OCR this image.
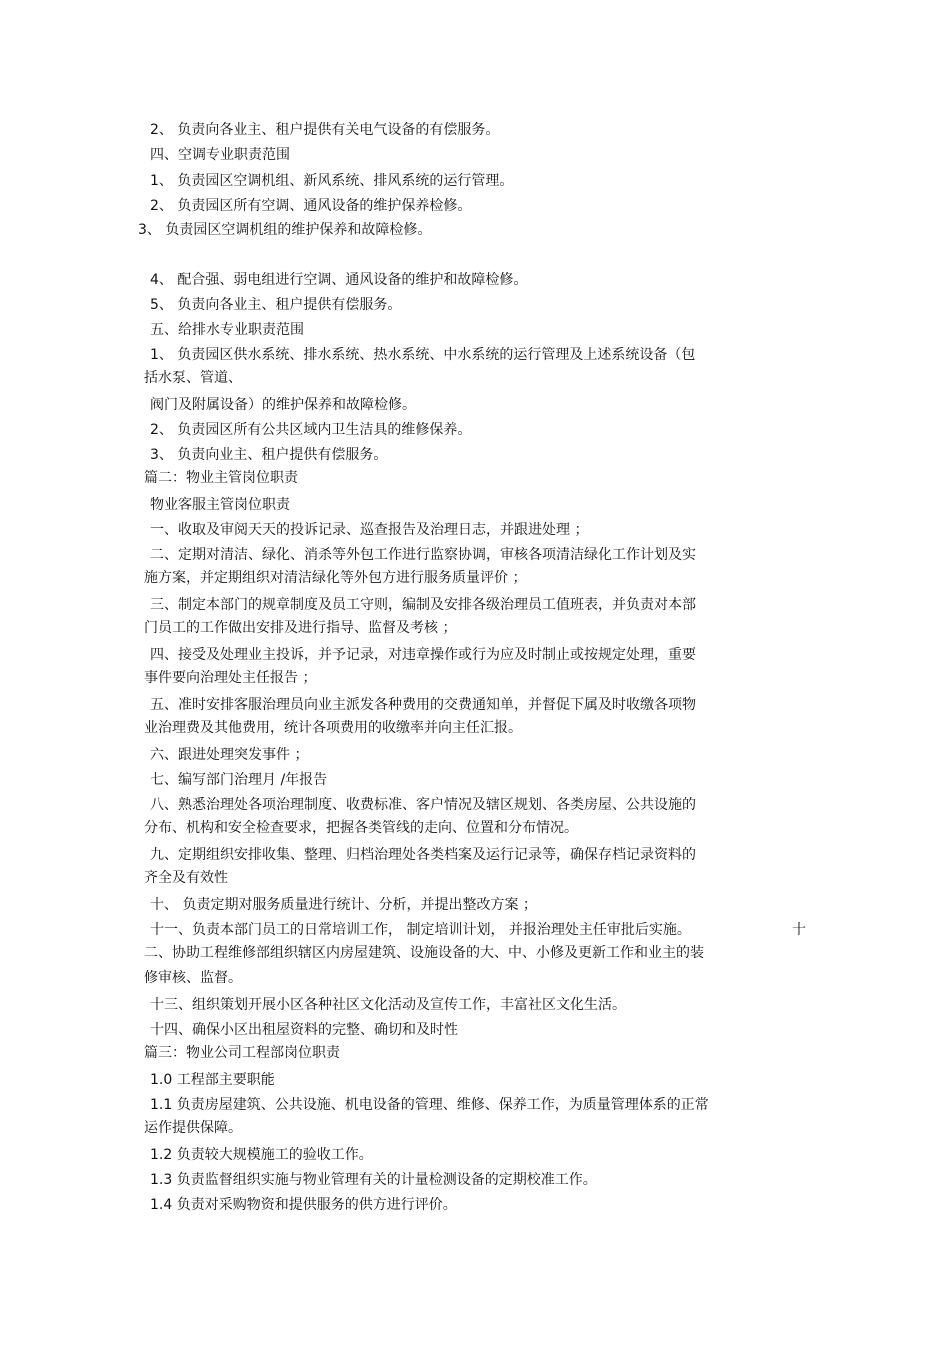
2、 负责向各业主、租户提供有关电气设备的有偿服务。
四、空调专业职责范围
1、 负责园区空调机组、新风系统、排风系统的运行管理。
2、 负责园区所有空调、通风设备的维护保养检修。
3、 负责园区空调机组的维护保养和故障检修。
4、 配合强、弱电组进行空调、通风设备的维护和故障检修。
5、 负责向各业主、租户提供有偿服务。
五、给排水专业职责范围
1、 负责园区供水系统、排水系统、热水系统、中水系统的运行管理及上述系统设备（包
括水泵、管道、
阀门及附属设备）的维护保养和故障检修。
2、 负责园区所有公共区域内卫生洁具的维修保养。
3、 负责向业主、租户提供有偿服务。
篇二：物业主管岗位职责
物业客服主管岗位职责
一、收取及审阅天天的投诉记录、巡查报告及治理日志，并跟进处理 ；
二、定期对清洁、绿化、消杀等外包工作进行监察协调，审核各项清洁绿化工作计划及实
施方案，并定期组织对清洁绿化等外包方进行服务质量评价 ；
三、制定本部门的规章制度及员工守则，编制及安排各级治理员工值班表，并负责对本部
门员工的工作做出安排及进行指导、监督及考核 ；
四、接受及处理业主投诉，并予记录，对违章操作或行为应及时制止或按规定处理，重要
事件要向治理处主任报告 ；
五、准时安排客服治理员向业主派发各种费用的交费通知单，并督促下属及时收缴各项物
业治理费及其他费用，统计各项费用的收缴率并向主任汇报。
六、跟进处理突发事件 ；
七、编写部门治理月 /年报告
八、熟悉治理处各项治理制度、收费标准、客户情况及辖区规划、各类房屋、公共设施的
分布、机构和安全检查要求，把握各类管线的走向、位置和分布情况。
九、定期组织安排收集、整理、归档治理处各类档案及运行记录等，确保存档记录资料的
齐全及有效性
十、 负责定期对服务质量进行统计、分析，并提出整改方案 ；
十一、负责本部门员工的日常培训工作， 制定培训计划， 并报治理处主任审批后实施。	十
二、协助工程维修部组织辖区内房屋建筑、设施设备的大、中、小修及更新工作和业主的装
修审核、监督。
十三、组织策划开展小区各种社区文化活动及宣传工作，丰富社区文化生活。
十四、确保小区出租屋资料的完整、确切和及时性
篇三：物业公司工程部岗位职责
1.0 工程部主要职能
1.1 负责房屋建筑、公共设施、机电设备的管理、维修、保养工作，为质量管理体系的正常
运作提供保障。
1.2 负责较大规模施工的验收工作。
1.3 负责监督组织实施与物业管理有关的计量检测设备的定期校准工作。
1.4 负责对采购物资和提供服务的供方进行评价。
